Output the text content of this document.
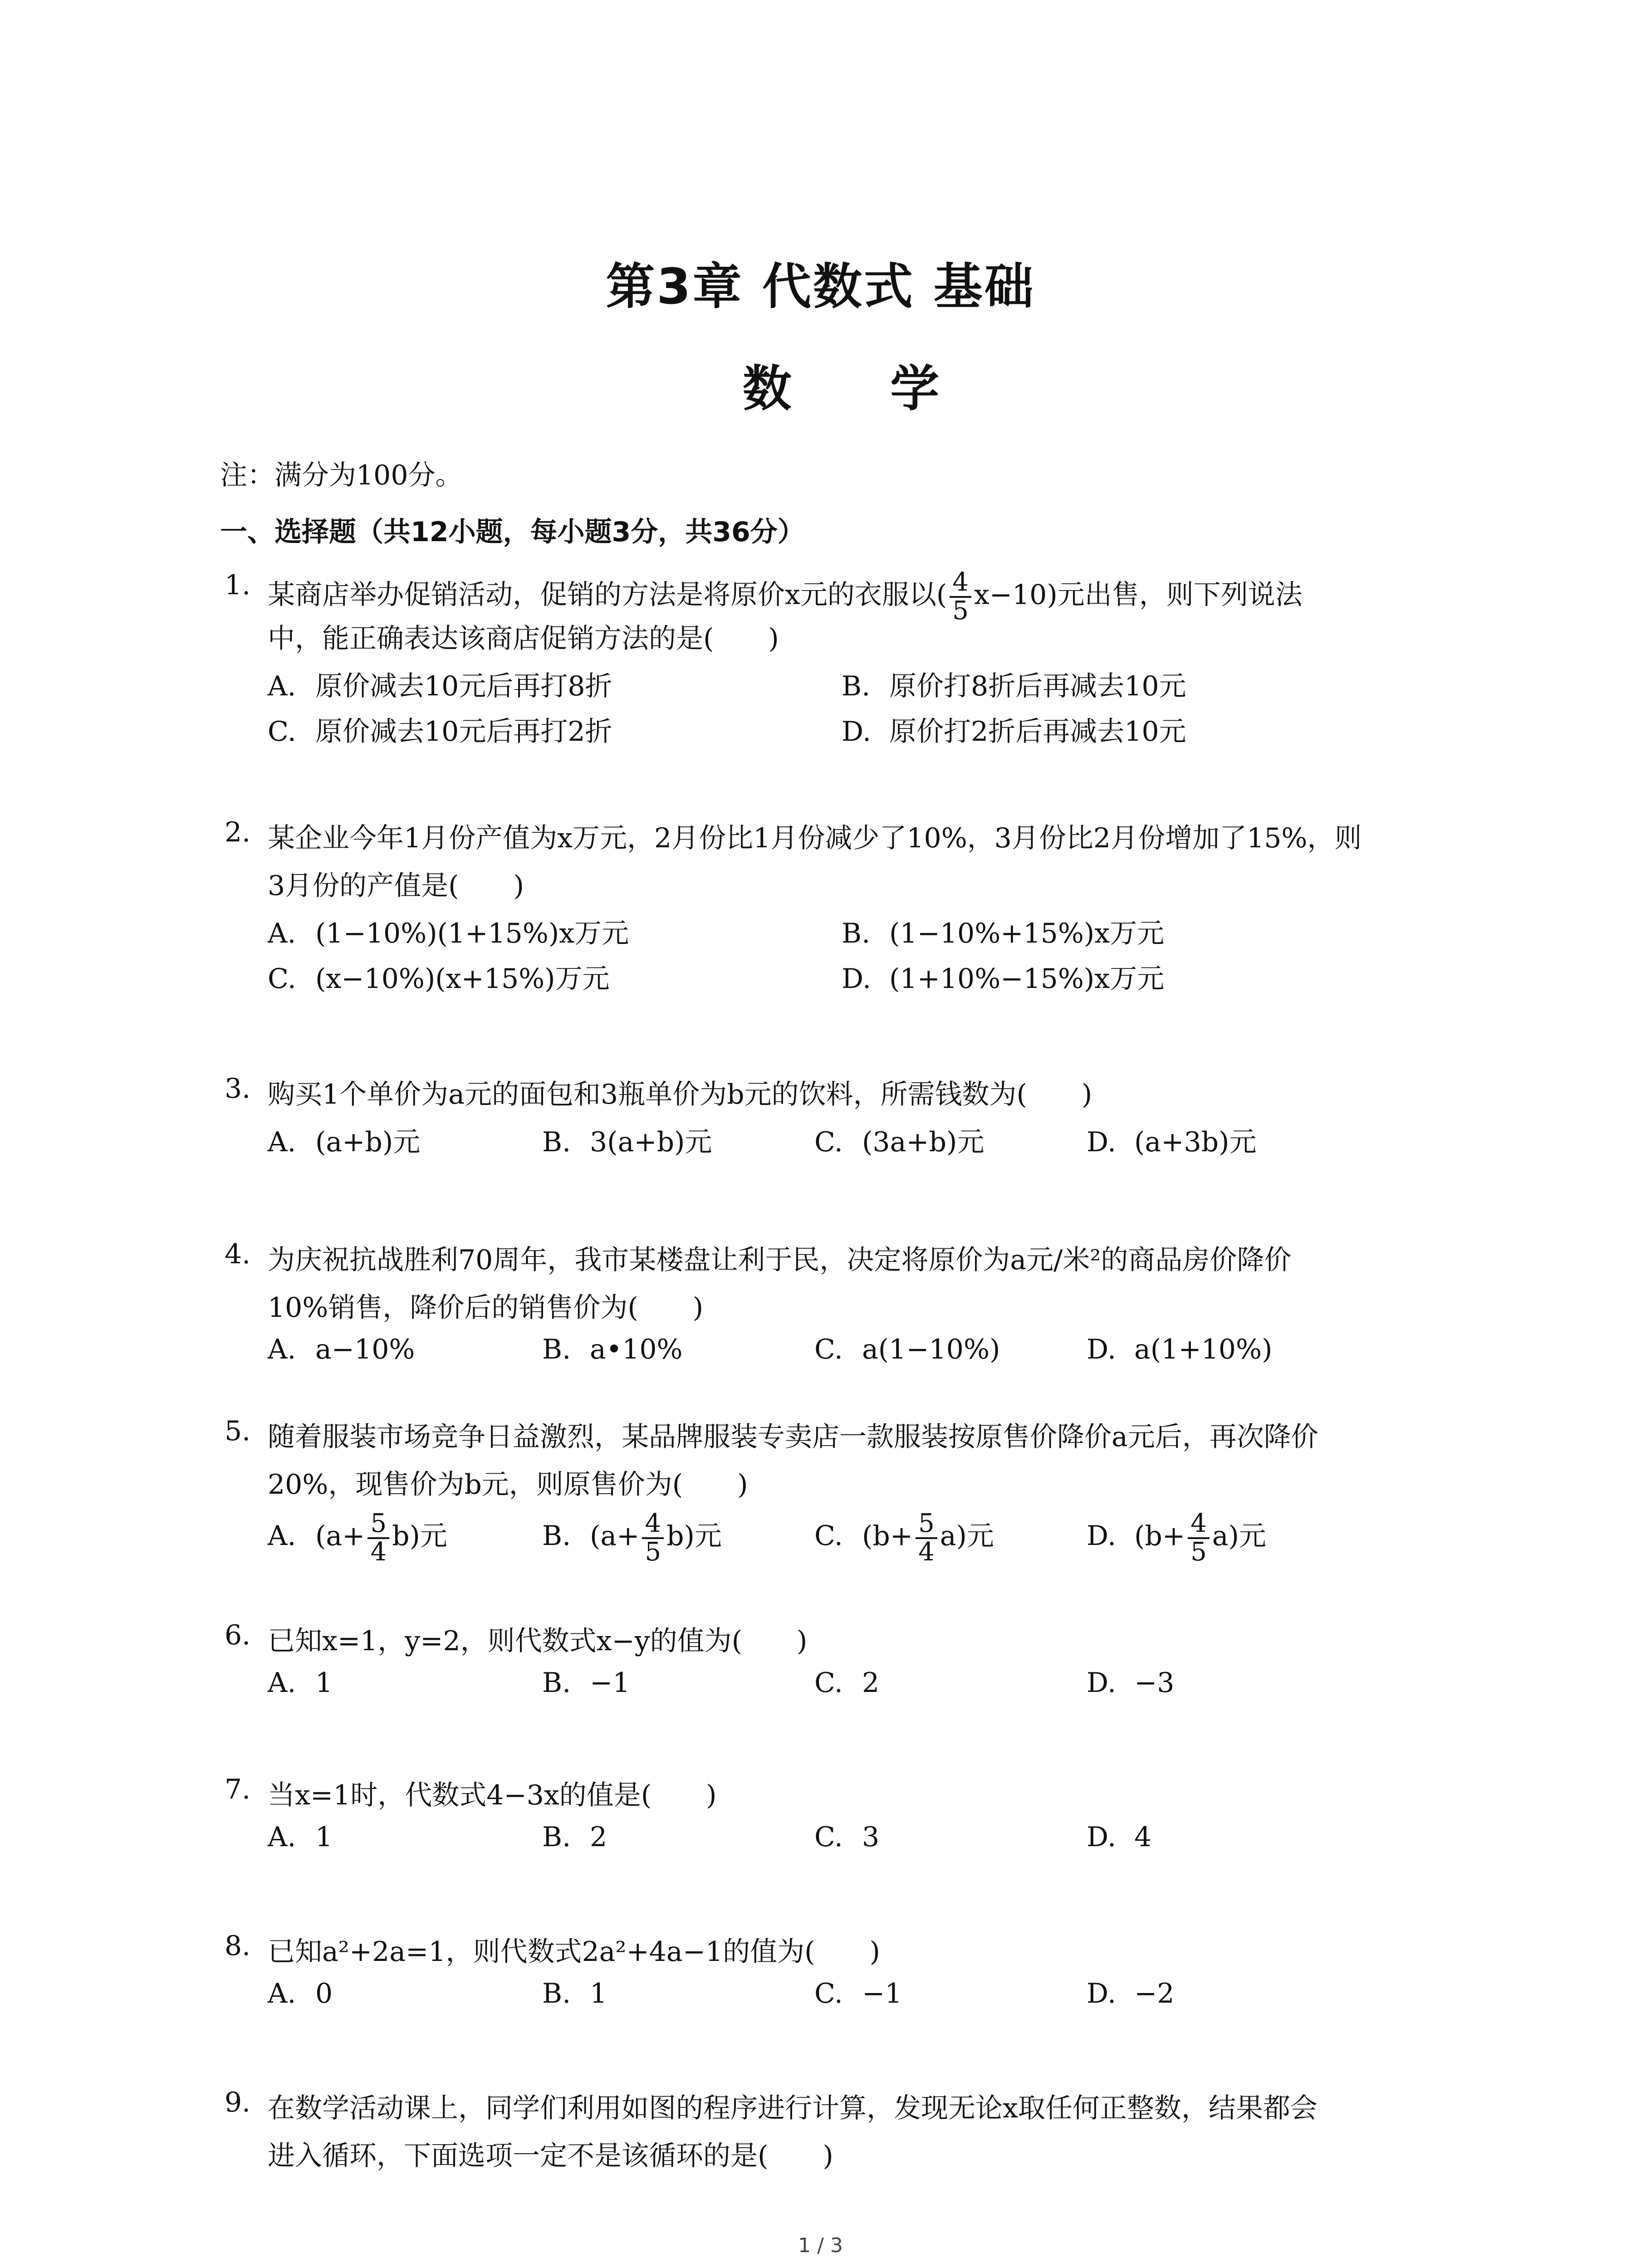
第3章 代数式 基础
数 学
注：满分为100分。
一、选择题（共12小题，每小题3分，共36分）
1. 某商店举办促销活动，促销的方法是将原价x元的衣服以( $\frac{4}{5} x-10$)元出售，则下列说法
中，能正确表达该商店促销方法的是(　　)
A. 原价减去10元后再打8折	B. 原价打8折后再减去10元
C. 原价减去10元后再打2折	D. 原价打2折后再减去10元
2. 某企业今年1月份产值为x万元，2月份比1月份减少了10%，3月份比2月份增加了15%，则
3月份的产值是(　　)
A. (1−10%)(1+15%)x万元	B. (1−10%+15%)x万元
C. (x−10%)(x+15%)万元	D. (1+10%−15%)x万元
3. 购买1个单价为a元的面包和3瓶单价为b元的饮料，所需钱数为(　　)
A. (a+b)元	B. 3(a+b)元	C. (3a+b)元	D. (a+3b)元
4. 为庆祝抗战胜利70周年，我市某楼盘让利于民，决定将原价为a元/米²的商品房价降价
10%销售，降价后的销售价为(　　)
A. a−10%	B. a•10%	C. a(1−10%)	D. a(1+10%)
5. 随着服装市场竞争日益激烈，某品牌服装专卖店一款服装按原售价降价a元后，再次降价
20%，现售价为b元，则原售价为(　　)
A. $(a+ \frac{5}{4} b)$元	B. $(a+ \frac{4}{5} b)$元	C. $(b+ \frac{5}{4} a)$元	D. $(b+ \frac{4}{5} a)$元
6. 已知x=1，y=2，则代数式x−y的值为(　　)
A. 1	B. −1	C. 2	D. −3
7. 当x=1时，代数式4−3x的值是(　　)
A. 1	B. 2	C. 3	D. 4
8. 已知a²+2a=1，则代数式2a²+4a−1的值为(　　)
A. 0	B. 1	C. −1	D. −2
9. 在数学活动课上，同学们利用如图的程序进行计算，发现无论x取任何正整数，结果都会
进入循环，下面选项一定不是该循环的是(　　)
1 / 3
